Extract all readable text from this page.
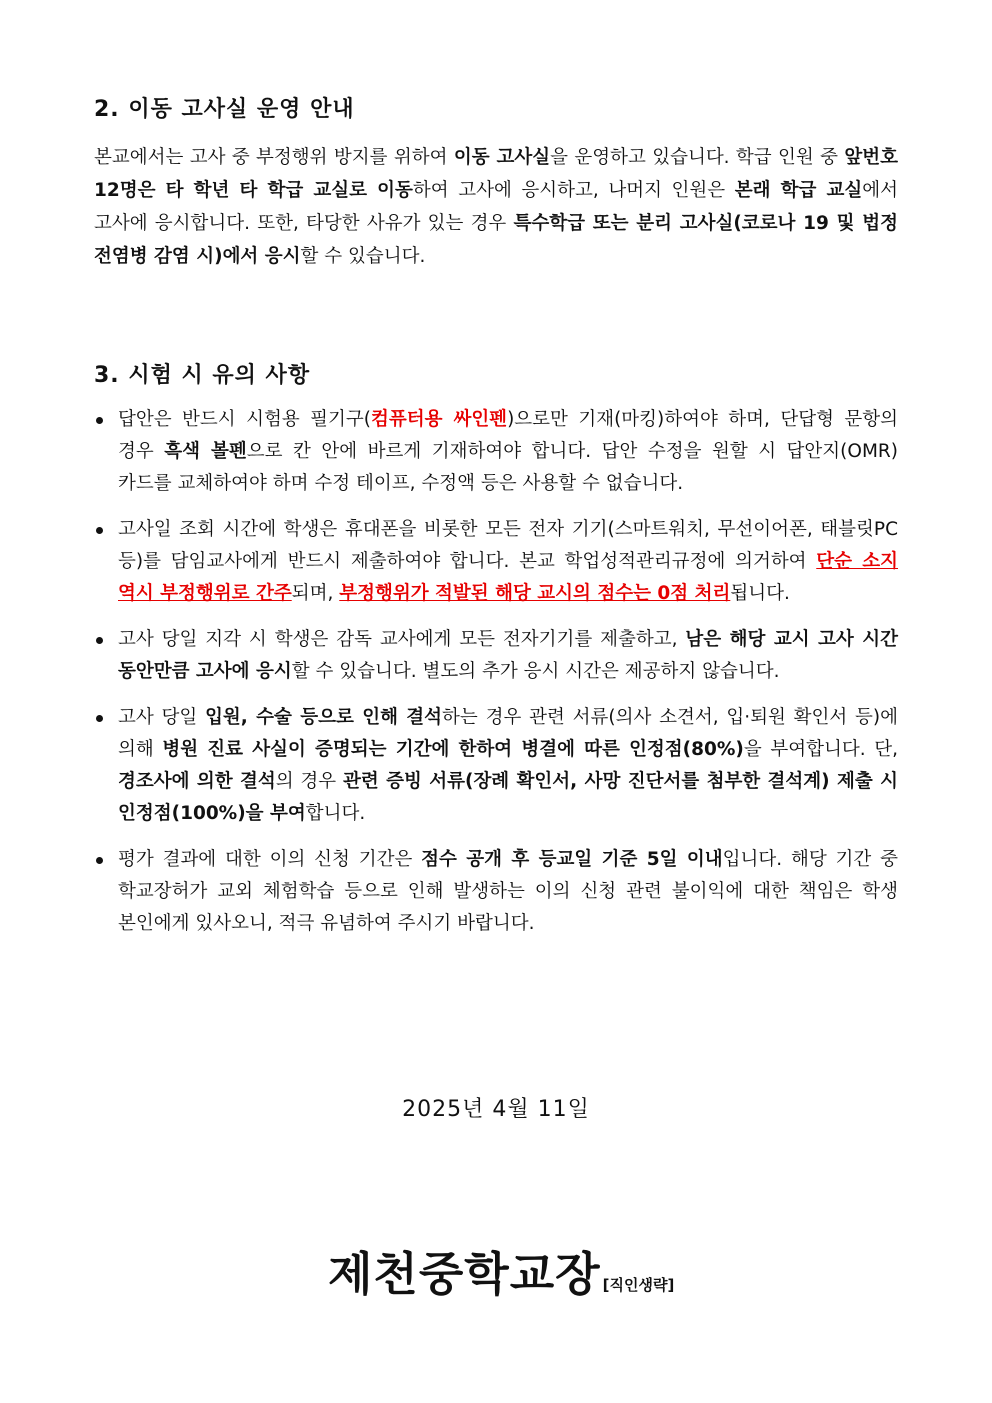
2. 이동 고사실 운영 안내

본교에서는 고사 중 부정행위 방지를 위하여 이동 고사실을 운영하고 있습니다. 학급 인원 중 앞번호 12명은 타 학년 타 학급 교실로 이동하여 고사에 응시하고, 나머지 인원은 본래 학급 교실에서 고사에 응시합니다. 또한, 타당한 사유가 있는 경우 특수학급 또는 분리 고사실(코로나 19 및 법정 전염병 감염 시)에서 응시할 수 있습니다.

3. 시험 시 유의 사항
답안은 반드시 시험용 필기구(컴퓨터용 싸인펜)으로만 기재(마킹)하여야 하며, 단답형 문항의 경우 흑색 볼펜으로 칸 안에 바르게 기재하여야 합니다. 답안 수정을 원할 시 답안지(OMR) 카드를 교체하여야 하며 수정 테이프, 수정액 등은 사용할 수 없습니다.
고사일 조회 시간에 학생은 휴대폰을 비롯한 모든 전자 기기(스마트워치, 무선이어폰, 태블릿PC 등)를 담임교사에게 반드시 제출하여야 합니다. 본교 학업성적관리규정에 의거하여 단순 소지 역시 부정행위로 간주되며, 부정행위가 적발된 해당 교시의 점수는 0점 처리됩니다.
고사 당일 지각 시 학생은 감독 교사에게 모든 전자기기를 제출하고, 남은 해당 교시 고사 시간 동안만큼 고사에 응시할 수 있습니다. 별도의 추가 응시 시간은 제공하지 않습니다.
고사 당일 입원, 수술 등으로 인해 결석하는 경우 관련 서류(의사 소견서, 입·퇴원 확인서 등)에 의해 병원 진료 사실이 증명되는 기간에 한하여 병결에 따른 인정점(80%)을 부여합니다. 단, 경조사에 의한 결석의 경우 관련 증빙 서류(장례 확인서, 사망 진단서를 첨부한 결석계) 제출 시 인정점(100%)을 부여합니다.
평가 결과에 대한 이의 신청 기간은 점수 공개 후 등교일 기준 5일 이내입니다. 해당 기간 중 학교장허가 교외 체험학습 등으로 인해 발생하는 이의 신청 관련 불이익에 대한 책임은 학생 본인에게 있사오니, 적극 유념하여 주시기 바랍니다.

2025년 4월 11일

제천중학교장 [직인생략]
